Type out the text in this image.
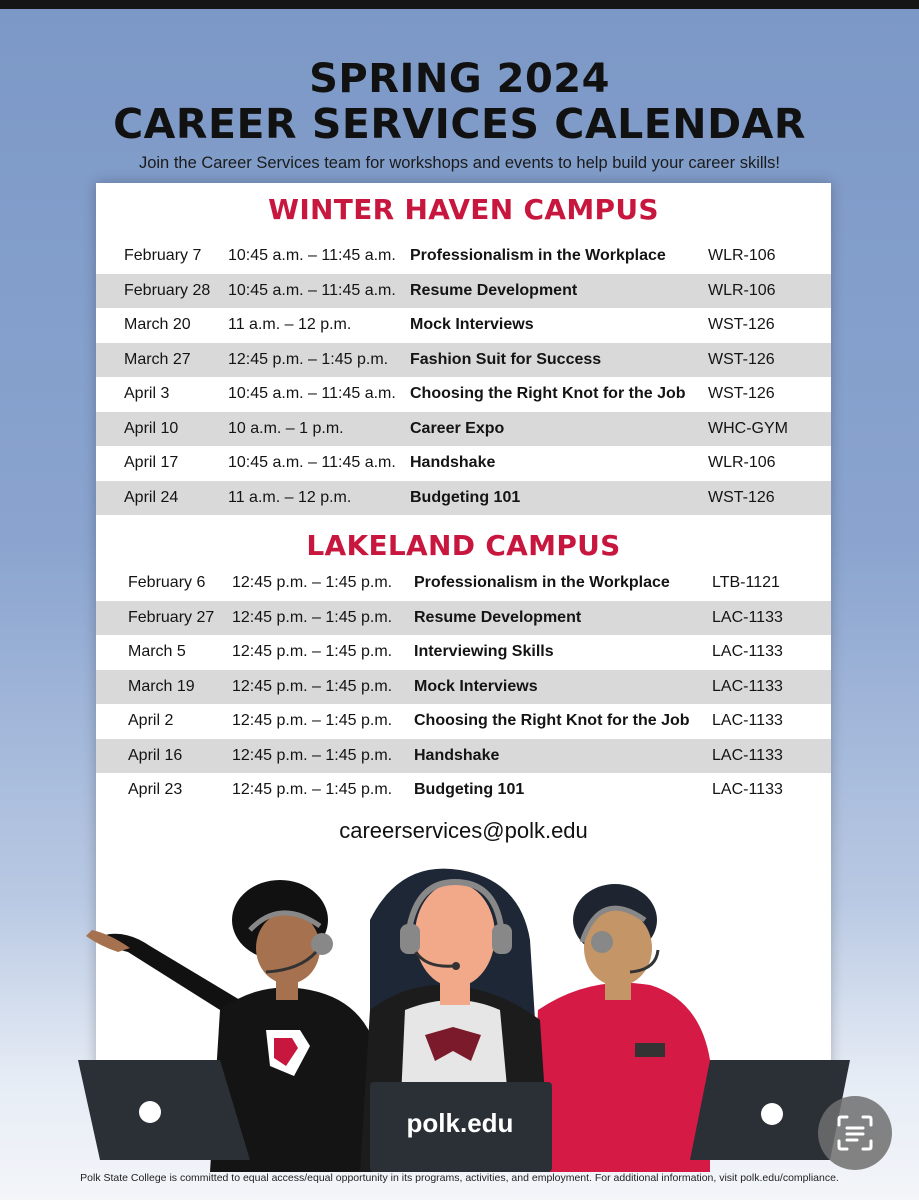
SPRING 2024
CAREER SERVICES CALENDAR
Join the Career Services team for workshops and events to help build your career skills!
WINTER HAVEN CAMPUS
February 7 10:45 a.m. – 11:45 a.m. Professionalism in the Workplace	WLR-106
February 28 10:45 a.m. – 11:45 a.m. Resume Development	WLR-106
March 20 11 a.m. – 12 p.m.	Mock Interviews	WST-126
March 27 12:45 p.m. – 1:45 p.m. Fashion Suit for Success	WST-126
April 3	10:45 a.m. – 11:45 a.m. Choosing the Right Knot for the Job WST-126
April 10	10 a.m. – 1 p.m.	Career Expo	WHC-GYM
April 17	10:45 a.m. – 11:45 a.m. Handshake	WLR-106
April 24	11 a.m. – 12 p.m.	Budgeting 101	WST-126
LAKELAND CAMPUS
February 6 12:45 p.m. – 1:45 p.m. Professionalism in the Workplace	LTB-1121
February 27 12:45 p.m. – 1:45 p.m. Resume Development	LAC-1133
March 5	12:45 p.m. – 1:45 p.m. Interviewing Skills	LAC-1133
March 19 12:45 p.m. – 1:45 p.m. Mock Interviews	LAC-1133
April 2	12:45 p.m. – 1:45 p.m. Choosing the Right Knot for the Job LAC-1133
April 16	12:45 p.m. – 1:45 p.m. Handshake	LAC-1133
April 23	12:45 p.m. – 1:45 p.m. Budgeting 101	LAC-1133
careerservices@polk.edu
polk.edu
Polk State College is committed to equal access/equal opportunity in its programs, activities, and employment. For additional information, visit polk.edu/compliance.
